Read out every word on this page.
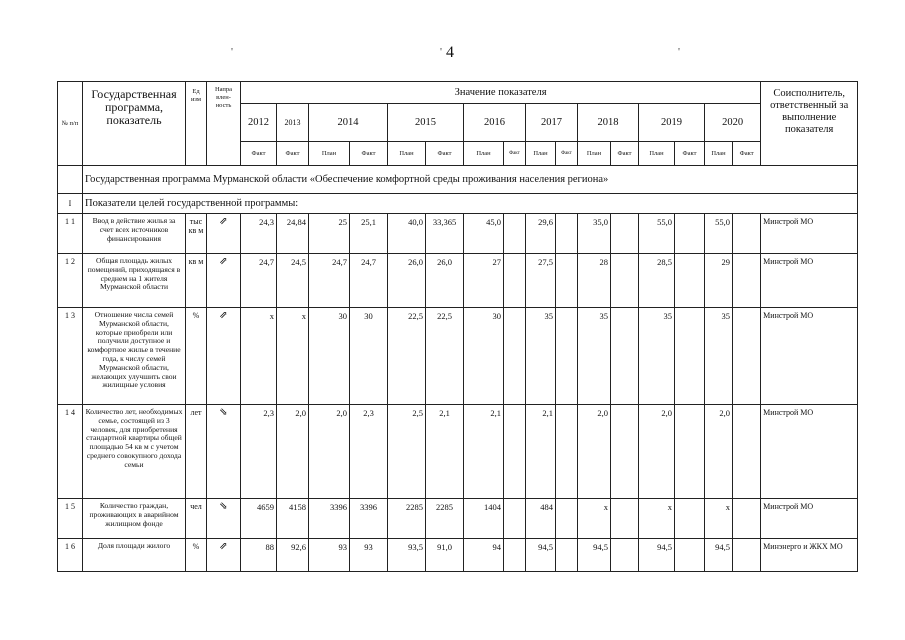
4
'	'	'
№ п/п	Государственная программа, показатель	Ед изм	Напра влен-ность	Значение показателя																Соисполнитель, ответственный за выполнение показателя
				2012	2013	2014		2015		2016		2017		2018		2019		2020		
				Факт	Факт	План	Факт	План	Факт	План	Факт	План	Факт	План	Факт	План	Факт	План	Факт	
	Государственная программа Мурманской области «Обеспечение комфортной среды проживания населения региона»																			
I	Показатели целей государственной программы:																			
1 1	Ввод в действие жилья за счет всех источников финансирования	тыс кв м	⇗	24,3	24,84	25	25,1	40,0	33,365	45,0		29,6		35,0		55,0		55,0		Минстрой МО
1 2	Общая площадь жилых помещений, приходящаяся в среднем на 1 жителя Мурманской области	кв м	⇗	24,7	24,5	24,7	24,7	26,0	26,0	27		27,5		28		28,5		29		Минстрой МО
1 3	Отношение числа семей Мурманской области, которые приобрели или получили доступное и комфортное жилье в течение года, к числу семей Мурманской области, желающих улучшить свои жилищные условия	%	⇗	x	x	30	30	22,5	22,5	30		35		35		35		35		Минстрой МО
1 4	Количество лет, необходимых семье, состоящей из 3 человек, для приобретения стандартной квартиры общей площадью 54 кв м с учетом среднего совокупного дохода семьи	лет	⇘	2,3	2,0	2,0	2,3	2,5	2,1	2,1		2,1		2,0		2,0		2,0		Минстрой МО
1 5	Количество граждан, проживающих в аварийном жилищном фонде	чел	⇘	4659	4158	3396	3396	2285	2285	1404		484		x		x		x		Минстрой МО
1 6	Доля площади жилого	%	⇗	88	92,6	93	93	93,5	91,0	94		94,5		94,5		94,5		94,5		Минэнерго и ЖКХ МО
